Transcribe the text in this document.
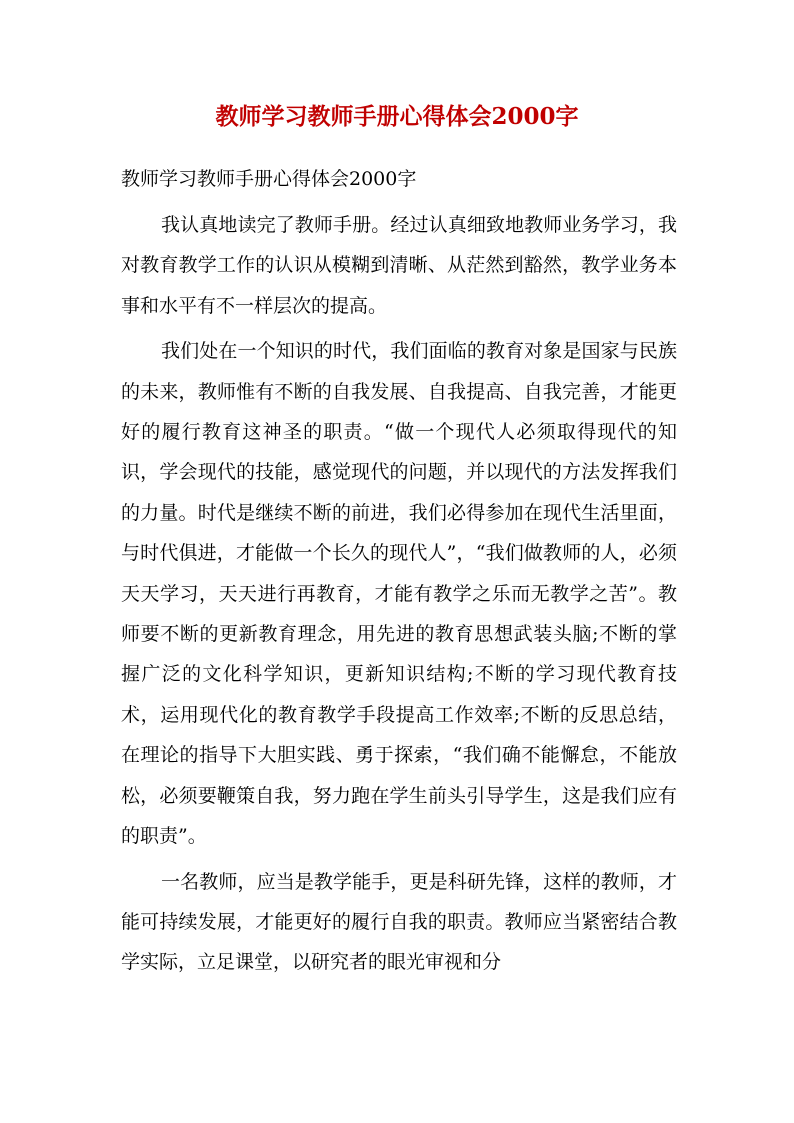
教师学习教师手册心得体会2000字
教师学习教师手册心得体会2000字

我认真地读完了教师手册。经过认真细致地教师业务学习，我对教育教学工作的认识从模糊到清晰、从茫然到豁然，教学业务本事和水平有不一样层次的提高。

我们处在一个知识的时代，我们面临的教育对象是国家与民族的未来，教师惟有不断的自我发展、自我提高、自我完善，才能更好的履行教育这神圣的职责。“做一个现代人必须取得现代的知识，学会现代的技能，感觉现代的问题，并以现代的方法发挥我们的力量。时代是继续不断的前进，我们必得参加在现代生活里面，与时代俱进，才能做一个长久的现代人”，“我们做教师的人，必须天天学习，天天进行再教育，才能有教学之乐而无教学之苦”。教师要不断的更新教育理念，用先进的教育思想武装头脑;不断的掌握广泛的文化科学知识，更新知识结构;不断的学习现代教育技术，运用现代化的教育教学手段提高工作效率;不断的反思总结，在理论的指导下大胆实践、勇于探索，“我们确不能懈怠，不能放松，必须要鞭策自我，努力跑在学生前头引导学生，这是我们应有的职责”。

一名教师，应当是教学能手，更是科研先锋，这样的教师，才能可持续发展，才能更好的履行自我的职责。教师应当紧密结合教学实际，立足课堂，以研究者的眼光审视和分
